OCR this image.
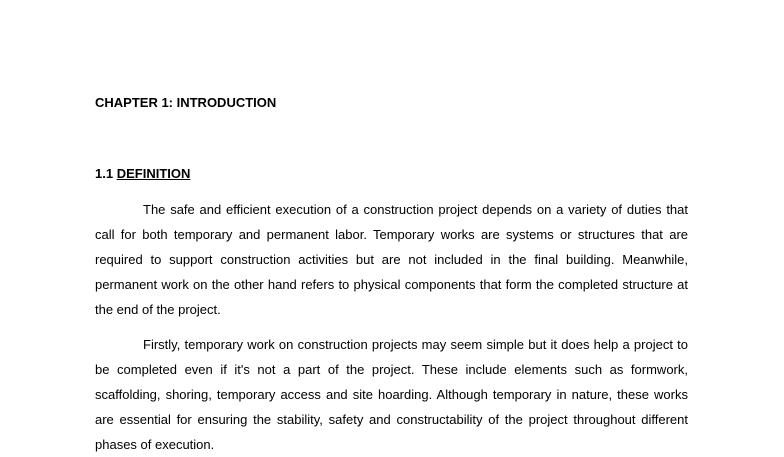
CHAPTER 1: INTRODUCTION
1.1 DEFINITION

The safe and efficient execution of a construction project depends on a variety of duties that call for both temporary and permanent labor. Temporary works are systems or structures that are required to support construction activities but are not included in the final building. Meanwhile, permanent work on the other hand refers to physical components that form the completed structure at the end of the project.

Firstly, temporary work on construction projects may seem simple but it does help a project to be completed even if it's not a part of the project. These include elements such as formwork, scaffolding, shoring, temporary access and site hoarding. Although temporary in nature, these works are essential for ensuring the stability, safety and constructability of the project throughout different phases of execution.
